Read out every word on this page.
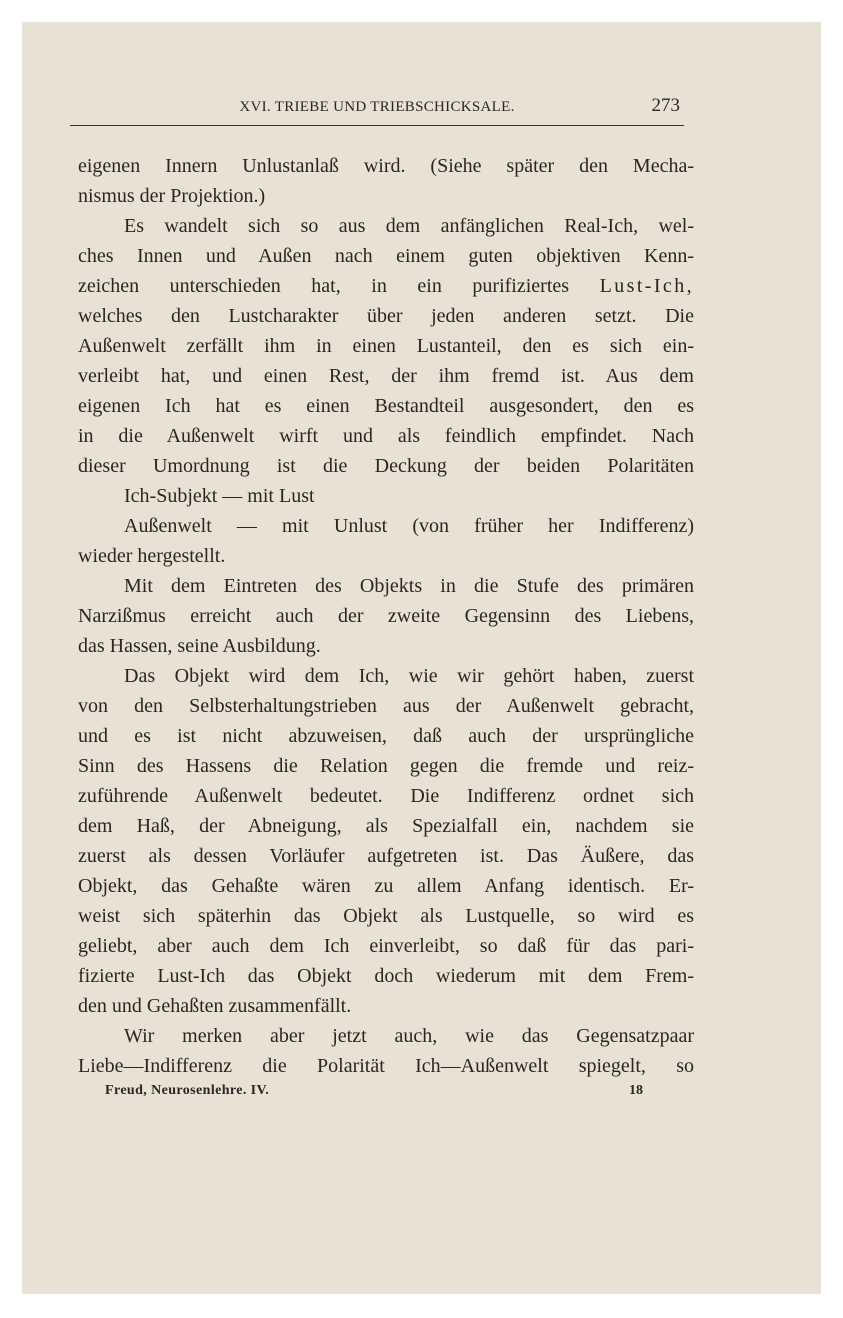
XVI. TRIEBE UND TRIEBSCHICKSALE.	273
eigenen Innern Unlustanlaß wird. (Siehe später den Mecha-
nismus der Projektion.)
Es wandelt sich so aus dem anfänglichen Real-Ich, wel-
ches Innen und Außen nach einem guten objektiven Kenn-
zeichen unterschieden hat, in ein purifiziertes Lust-Ich,
welches den Lustcharakter über jeden anderen setzt. Die
Außenwelt zerfällt ihm in einen Lustanteil, den es sich ein-
verleibt hat, und einen Rest, der ihm fremd ist. Aus dem
eigenen Ich hat es einen Bestandteil ausgesondert, den es
in die Außenwelt wirft und als feindlich empfindet. Nach
dieser Umordnung ist die Deckung der beiden Polaritäten
Ich-Subjekt — mit Lust
Außenwelt — mit Unlust (von früher her Indifferenz)
wieder hergestellt.
Mit dem Eintreten des Objekts in die Stufe des primären
Narzißmus erreicht auch der zweite Gegensinn des Liebens,
das Hassen, seine Ausbildung.
Das Objekt wird dem Ich, wie wir gehört haben, zuerst
von den Selbsterhaltungstrieben aus der Außenwelt gebracht,
und es ist nicht abzuweisen, daß auch der ursprüngliche
Sinn des Hassens die Relation gegen die fremde und reiz-
zuführende Außenwelt bedeutet. Die Indifferenz ordnet sich
dem Haß, der Abneigung, als Spezialfall ein, nachdem sie
zuerst als dessen Vorläufer aufgetreten ist. Das Äußere, das
Objekt, das Gehaßte wären zu allem Anfang identisch. Er-
weist sich späterhin das Objekt als Lustquelle, so wird es
geliebt, aber auch dem Ich einverleibt, so daß für das pari-
fizierte Lust-Ich das Objekt doch wiederum mit dem Frem-
den und Gehaßten zusammenfällt.
Wir merken aber jetzt auch, wie das Gegensatzpaar
Liebe—Indifferenz die Polarität Ich—Außenwelt spiegelt, so
Freud, Neurosenlehre. IV.	18
